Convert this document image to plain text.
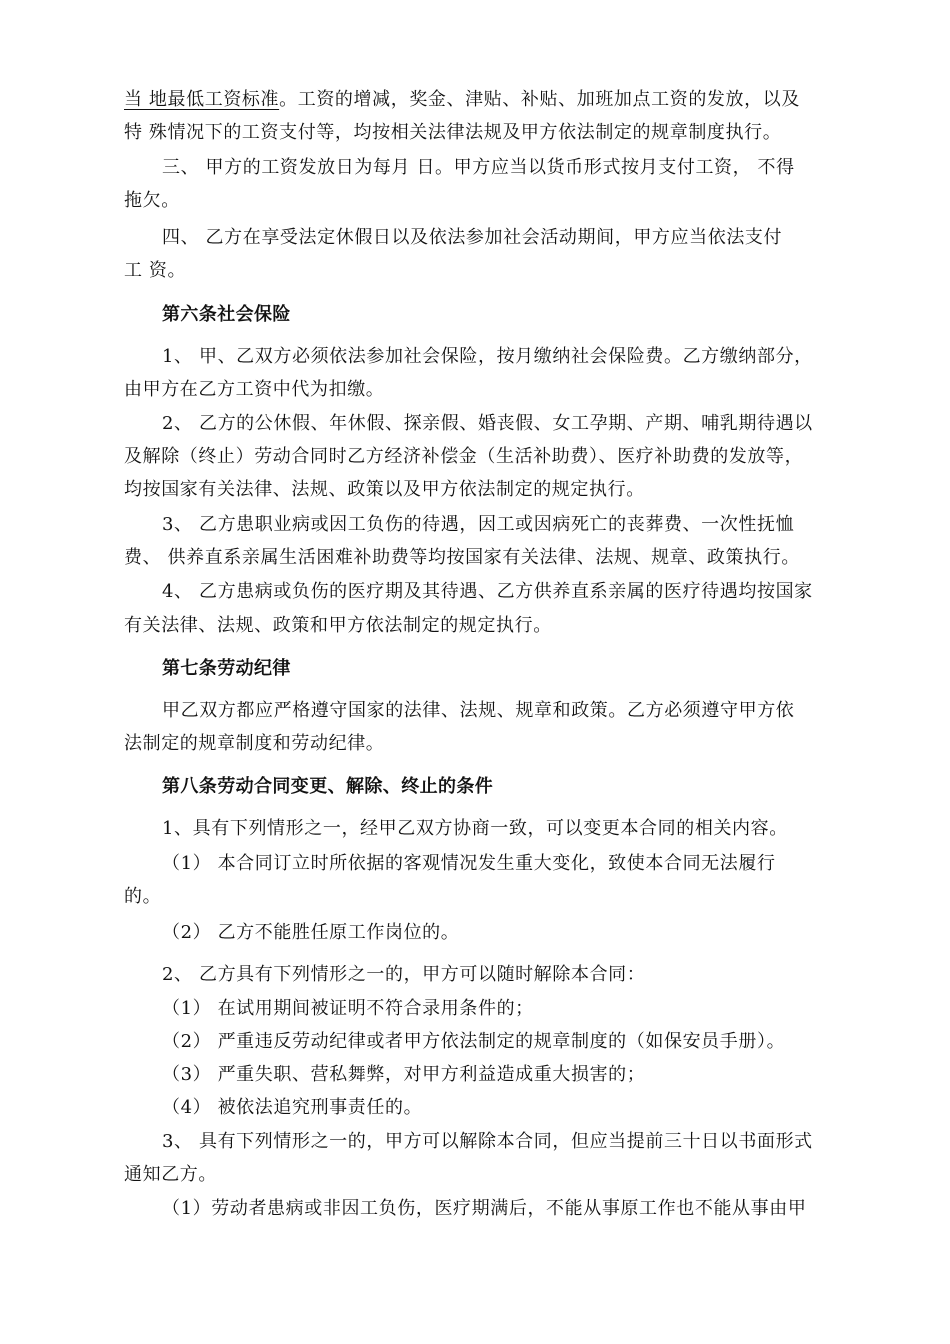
当 地最低工资标准。工资的增减，奖金、津贴、补贴、加班加点工资的发放，以及
特 殊情况下的工资支付等，均按相关法律法规及甲方依法制定的规章制度执行。
三、 甲方的工资发放日为每月 日。甲方应当以货币形式按月支付工资， 不得
拖欠。
四、 乙方在享受法定休假日以及依法参加社会活动期间，甲方应当依法支付
工 资。
第六条社会保险
1、 甲、乙双方必须依法参加社会保险，按月缴纳社会保险费。乙方缴纳部分，
由甲方在乙方工资中代为扣缴。
2、 乙方的公休假、年休假、探亲假、婚丧假、女工孕期、产期、哺乳期待遇以
及解除（终止）劳动合同时乙方经济补偿金（生活补助费）、医疗补助费的发放等，
均按国家有关法律、法规、政策以及甲方依法制定的规定执行。
3、 乙方患职业病或因工负伤的待遇，因工或因病死亡的丧葬费、一次性抚恤
费、 供养直系亲属生活困难补助费等均按国家有关法律、法规、规章、政策执行。
4、 乙方患病或负伤的医疗期及其待遇、乙方供养直系亲属的医疗待遇均按国家
有关法律、法规、政策和甲方依法制定的规定执行。
第七条劳动纪律
甲乙双方都应严格遵守国家的法律、法规、规章和政策。乙方必须遵守甲方依
法制定的规章制度和劳动纪律。
第八条劳动合同变更、解除、终止的条件
1、具有下列情形之一，经甲乙双方协商一致，可以变更本合同的相关内容。
（1） 本合同订立时所依据的客观情况发生重大变化，致使本合同无法履行
的。
（2） 乙方不能胜任原工作岗位的。
2、 乙方具有下列情形之一的，甲方可以随时解除本合同：
（1） 在试用期间被证明不符合录用条件的；
（2） 严重违反劳动纪律或者甲方依法制定的规章制度的（如保安员手册）。
（3） 严重失职、营私舞弊，对甲方利益造成重大损害的；
（4） 被依法追究刑事责任的。
3、 具有下列情形之一的，甲方可以解除本合同，但应当提前三十日以书面形式
通知乙方。
（1）劳动者患病或非因工负伤，医疗期满后，不能从事原工作也不能从事由甲
